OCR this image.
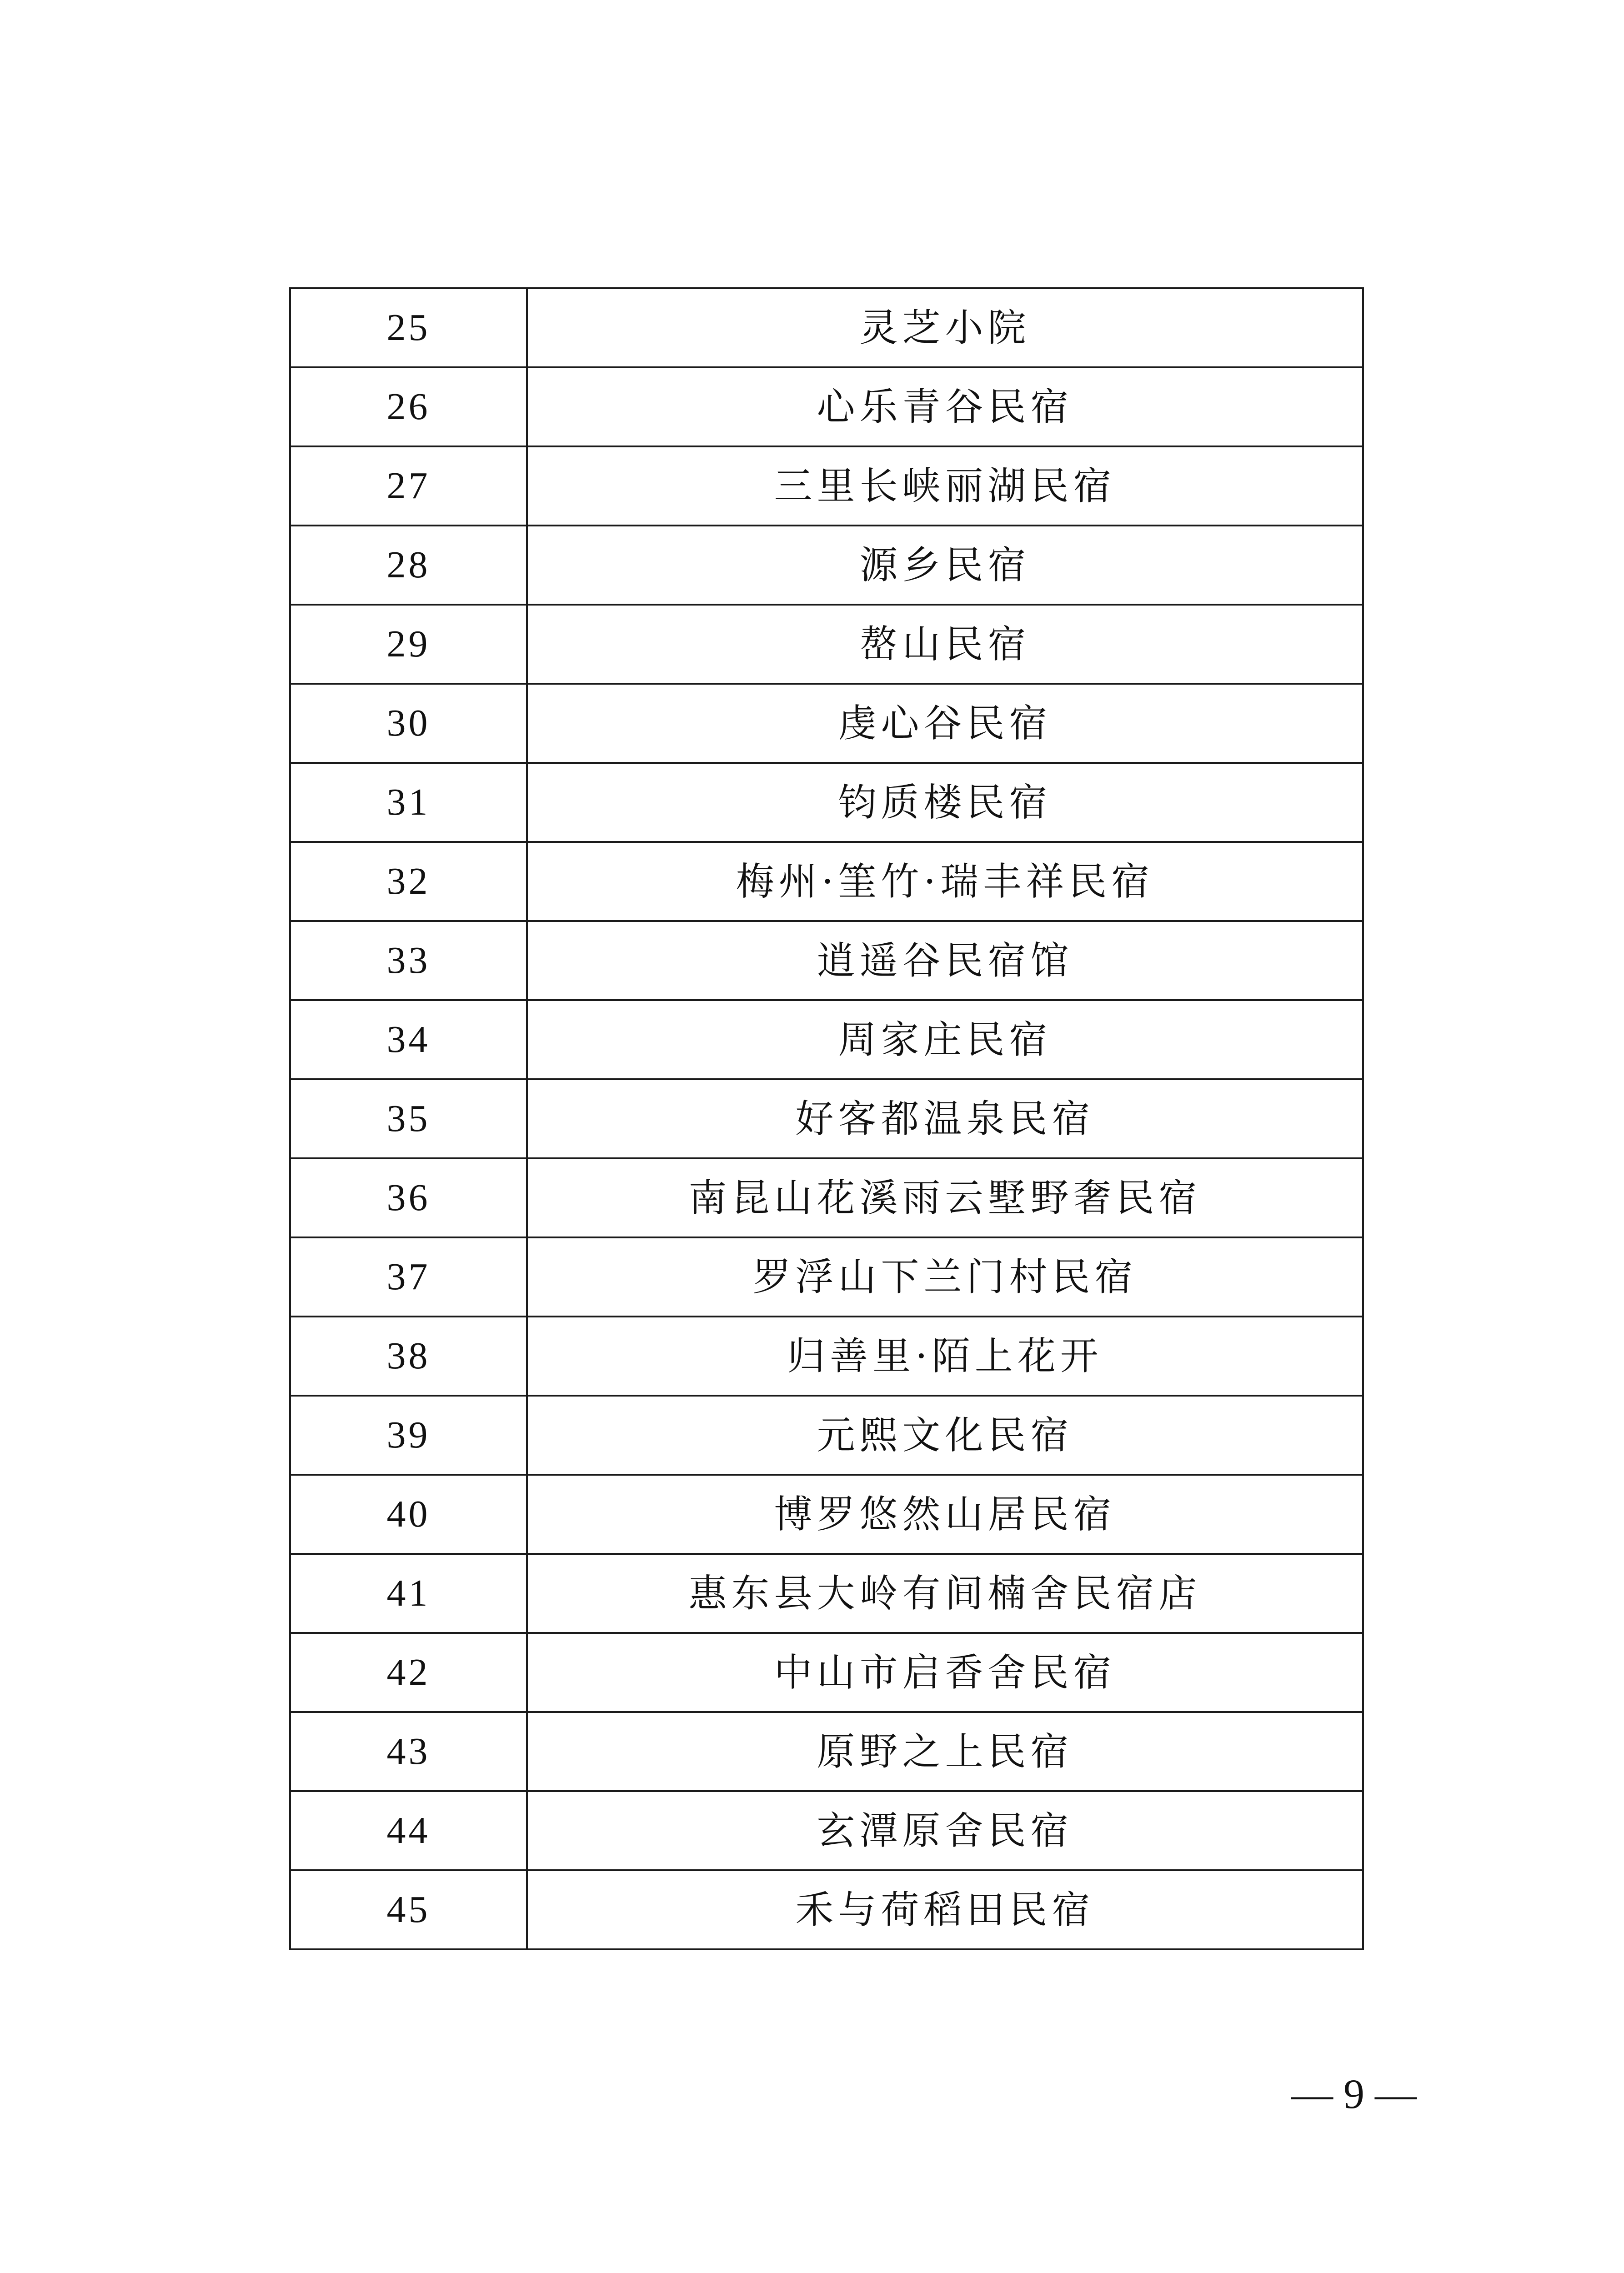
25	灵芝小院
26	心乐青谷民宿
27	三里长峡丽湖民宿
28	源乡民宿
29	嶅山民宿
30	虔心谷民宿
31	钧质楼民宿
32	梅州·筀竹·瑞丰祥民宿
33	逍遥谷民宿馆
34	周家庄民宿
35	好客都温泉民宿
36	南昆山花溪雨云墅野奢民宿
37	罗浮山下兰门村民宿
38	归善里·陌上花开
39	元熙文化民宿
40	博罗悠然山居民宿
41	惠东县大岭有间楠舍民宿店
42	中山市启香舍民宿
43	原野之上民宿
44	玄潭原舍民宿
45	禾与荷稻田民宿
— 9 —
